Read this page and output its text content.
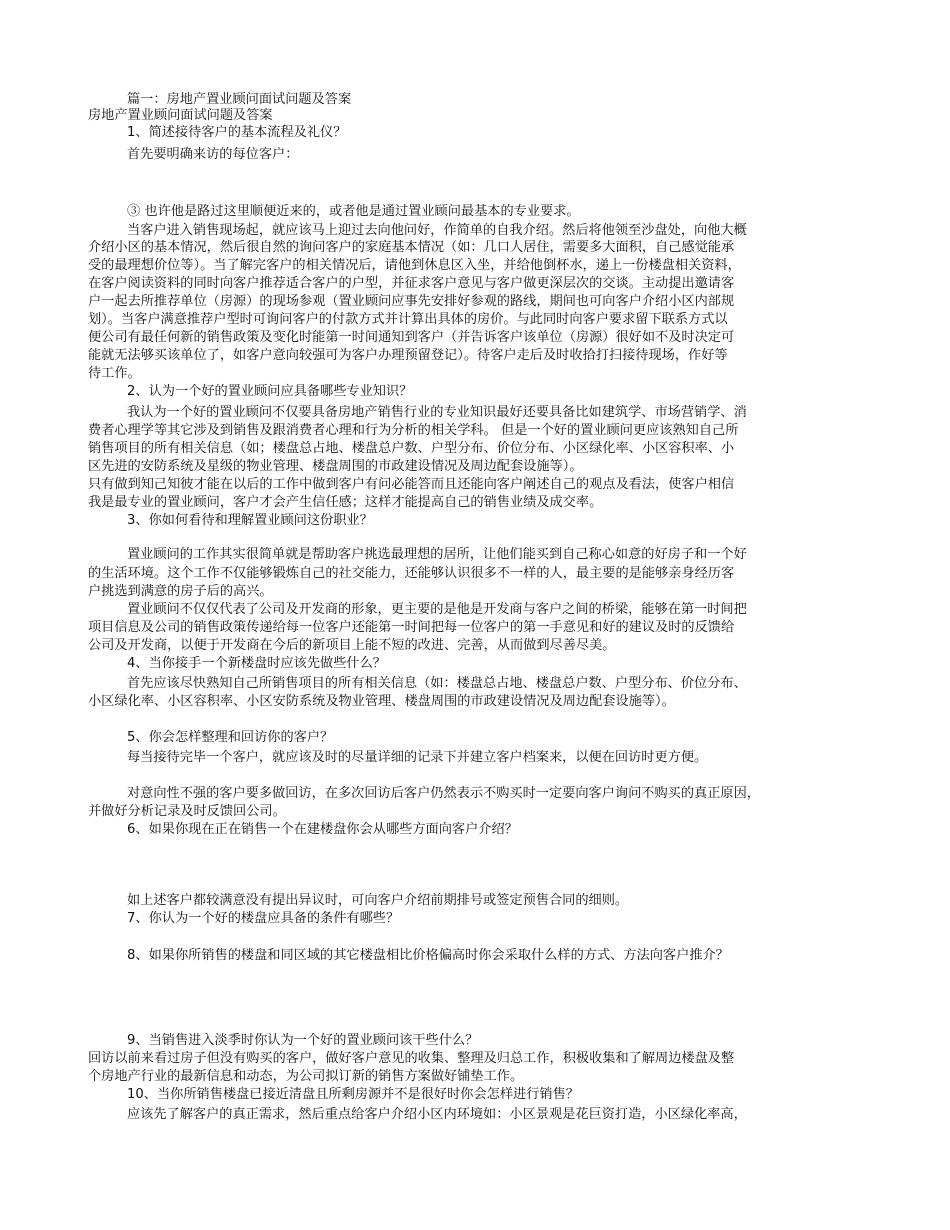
篇一：房地产置业顾问面试问题及答案
房地产置业顾问面试问题及答案
1、简述接待客户的基本流程及礼仪？
首先要明确来访的每位客户：
③ 也许他是路过这里顺便近来的，或者他是通过置业顾问最基本的专业要求。
当客户进入销售现场起，就应该马上迎过去向他问好，作简单的自我介绍。然后将他领至沙盘处，向他大概
介绍小区的基本情况，然后很自然的询问客户的家庭基本情况（如：几口人居住，需要多大面积，自己感觉能承
受的最理想价位等）。当了解完客户的相关情况后，请他到休息区入坐，并给他倒杯水，递上一份楼盘相关资料，
在客户阅读资料的同时向客户推荐适合客户的户型，并征求客户意见与客户做更深层次的交谈。主动提出邀请客
户一起去所推荐单位（房源）的现场参观（置业顾问应事先安排好参观的路线，期间也可向客户介绍小区内部规
划）。当客户满意推荐户型时可询问客户的付款方式并计算出具体的房价。与此同时向客户要求留下联系方式以
便公司有最任何新的销售政策及变化时能第一时间通知到客户（并告诉客户该单位（房源）很好如不及时决定可
能就无法够买该单位了，如客户意向较强可为客户办理预留登记）。待客户走后及时收拾打扫接待现场，作好等
待工作。
2、认为一个好的置业顾问应具备哪些专业知识？
我认为一个好的置业顾问不仅要具备房地产销售行业的专业知识最好还要具备比如建筑学、市场营销学、消
费者心理学等其它涉及到销售及跟消费者心理和行为分析的相关学科。 但是一个好的置业顾问更应该熟知自己所
销售项目的所有相关信息（如；楼盘总占地、楼盘总户数、户型分布、价位分布、小区绿化率、小区容积率、小
区先进的安防系统及星级的物业管理、楼盘周围的市政建设情况及周边配套设施等）。
只有做到知己知彼才能在以后的工作中做到客户有问必能答而且还能向客户阐述自己的观点及看法，使客户相信
我是最专业的置业顾问，客户才会产生信任感；这样才能提高自己的销售业绩及成交率。
3、你如何看待和理解置业顾问这份职业？
置业顾问的工作其实很简单就是帮助客户挑选最理想的居所，让他们能买到自己称心如意的好房子和一个好
的生活环境。这个工作不仅能够锻炼自己的社交能力，还能够认识很多不一样的人，最主要的是能够亲身经历客
户挑选到满意的房子后的高兴。
置业顾问不仅仅代表了公司及开发商的形象，更主要的是他是开发商与客户之间的桥梁，能够在第一时间把
项目信息及公司的销售政策传递给每一位客户还能第一时间把每一位客户的第一手意见和好的建议及时的反馈给
公司及开发商，以便于开发商在今后的新项目上能不短的改进、完善，从而做到尽善尽美。
4、当你接手一个新楼盘时应该先做些什么？
首先应该尽快熟知自己所销售项目的所有相关信息（如：楼盘总占地、楼盘总户数、户型分布、价位分布、
小区绿化率、小区容积率、小区安防系统及物业管理、楼盘周围的市政建设情况及周边配套设施等）。
5、你会怎样整理和回访你的客户？
每当接待完毕一个客户，就应该及时的尽量详细的记录下并建立客户档案来，以便在回访时更方便。
对意向性不强的客户要多做回访，在多次回访后客户仍然表示不购买时一定要向客户询问不购买的真正原因，
并做好分析记录及时反馈回公司。
6、如果你现在正在销售一个在建楼盘你会从哪些方面向客户介绍？
如上述客户都较满意没有提出异议时，可向客户介绍前期排号或签定预售合同的细则。
7、你认为一个好的楼盘应具备的条件有哪些？
8、如果你所销售的楼盘和同区域的其它楼盘相比价格偏高时你会采取什么样的方式、方法向客户推介？
9、当销售进入淡季时你认为一个好的置业顾问该干些什么？
回访以前来看过房子但没有购买的客户，做好客户意见的收集、整理及归总工作，积极收集和了解周边楼盘及整
个房地产行业的最新信息和动态，为公司拟订新的销售方案做好铺垫工作。
10、当你所销售楼盘已接近清盘且所剩房源并不是很好时你会怎样进行销售？
应该先了解客户的真正需求，然后重点给客户介绍小区内环境如：小区景观是花巨资打造，小区绿化率高，
